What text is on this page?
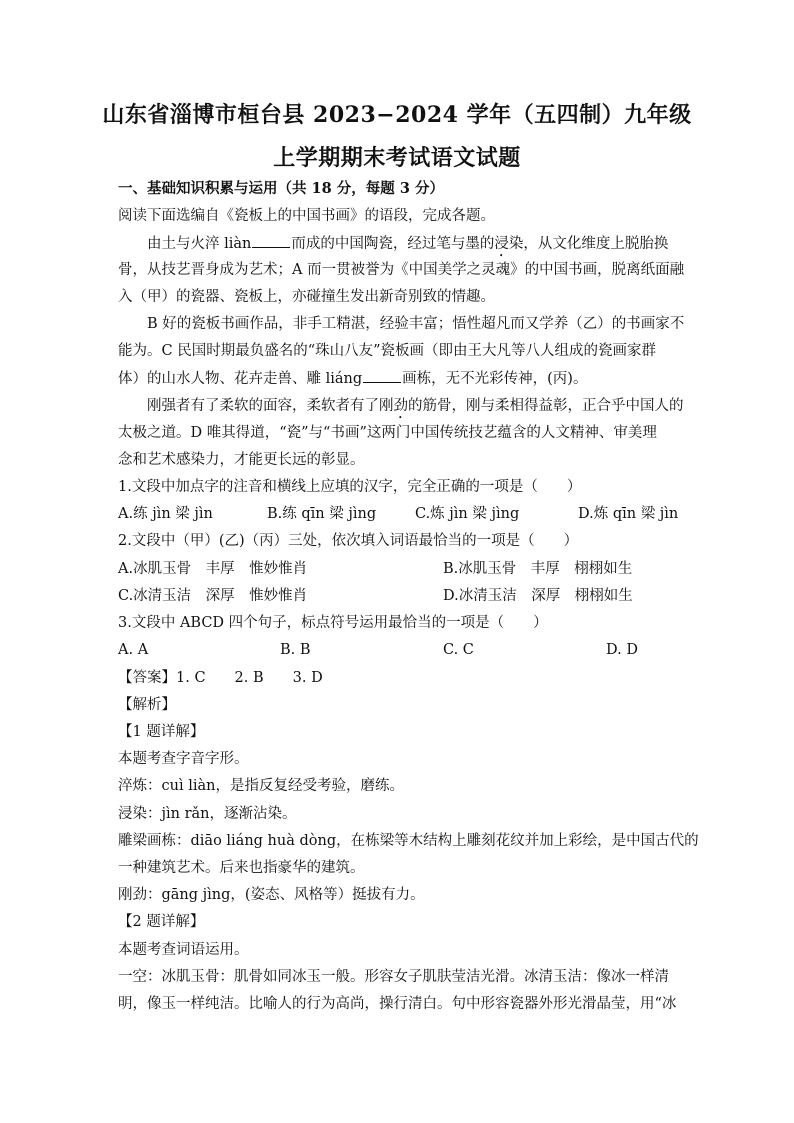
山东省淄博市桓台县 2023−2024 学年（五四制）九年级
上学期期末考试语文试题
一、基础知识积累与运用（共 18 分，每题 3 分）
阅读下面选编自《瓷板上的中国书画》的语段，完成各题。
由土与火淬 liàn	而成的中国陶瓷，经过笔与墨的浸染，从文化维度上脱胎换
骨，从技艺晋身成为艺术；A 而一贯被誉为《中国美学之灵魂》的中国书画，脱离纸面融
入（甲）的瓷器、瓷板上，亦碰撞生发出新奇别致的情趣。
B 好的瓷板书画作品，非手工精湛，经验丰富；悟性超凡而又学养（乙）的书画家不
能为。C 民国时期最负盛名的“珠山八友”瓷板画（即由王大凡等八人组成的瓷画家群
体）的山水人物、花卉走兽、雕 liáng	画栋，无不光彩传神，(丙)。
刚强者有了柔软的面容，柔软者有了刚劲的筋骨，刚与柔相得益彰，正合乎中国人的
太极之道。D 唯其得道，“瓷”与“书画”这两门中国传统技艺蕴含的人文精神、审美理
念和艺术感染力，才能更长远的彰显。
1.文段中加点字的注音和横线上应填的汉字，完全正确的一项是（　　）
A.练 jìn 梁 jìn	B.练 qīn 梁 jìng	C.炼 jìn 梁 jìng	D.炼 qīn 梁 jìn
2.文段中（甲）(乙)（丙）三处，依次填入词语最恰当的一项是（　　）
A.冰肌玉骨　丰厚　惟妙惟肖	B.冰肌玉骨　丰厚　栩栩如生
C.冰清玉洁　深厚　惟妙惟肖	D.冰清玉洁　深厚　栩栩如生
3.文段中 ABCD 四个句子，标点符号运用最恰当的一项是（　　）
A. A	B. B	C. C	D. D
【答案】1. C　　2. B　　3. D
【解析】
【1 题详解】
本题考查字音字形。
淬炼：cuì liàn，是指反复经受考验，磨练。
浸染：jìn rǎn，逐渐沾染。
雕梁画栋：diāo liáng huà dòng，在栋梁等木结构上雕刻花纹并加上彩绘，是中国古代的
一种建筑艺术。后来也指豪华的建筑。
刚劲：gāng jìng，(姿态、风格等）挺拔有力。
【2 题详解】
本题考查词语运用。
一空：冰肌玉骨：肌骨如同冰玉一般。形容女子肌肤莹洁光滑。冰清玉洁：像冰一样清
明，像玉一样纯洁。比喻人的行为高尚，操行清白。句中形容瓷器外形光滑晶莹，用“冰
